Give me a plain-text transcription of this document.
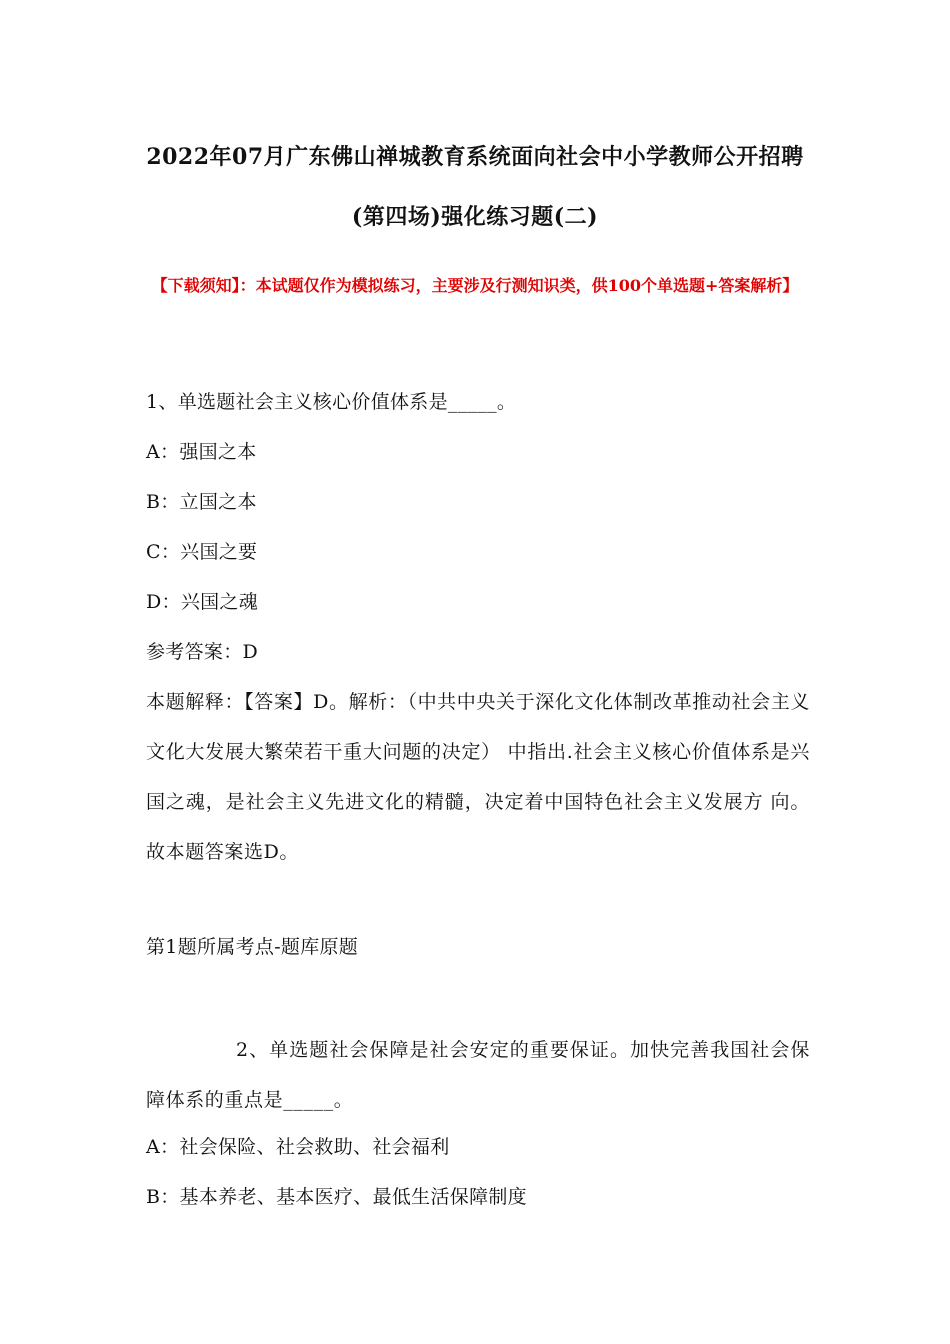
2022年07月广东佛山禅城教育系统面向社会中小学教师公开招聘(第四场)强化练习题(二)
【下载须知】：本试题仅作为模拟练习，主要涉及行测知识类，供100个单选题+答案解析】
1、单选题社会主义核心价值体系是_____。
A：强国之本
B：立国之本
C：兴国之要
D：兴国之魂
参考答案：D
本题解释：【答案】D。解析：（中共中央关于深化文化体制改革推动社会主义文化大发展大繁荣若干重大问题的决定） 中指出.社会主义核心价值体系是兴国之魂，是社会主义先进文化的精髓，决定着中国特色社会主义发展方 向。故本题答案选D。
第1题所属考点-题库原题
2、单选题社会保障是社会安定的重要保证。加快完善我国社会保障体系的重点是_____。
A：社会保险、社会救助、社会福利
B：基本养老、基本医疗、最低生活保障制度
